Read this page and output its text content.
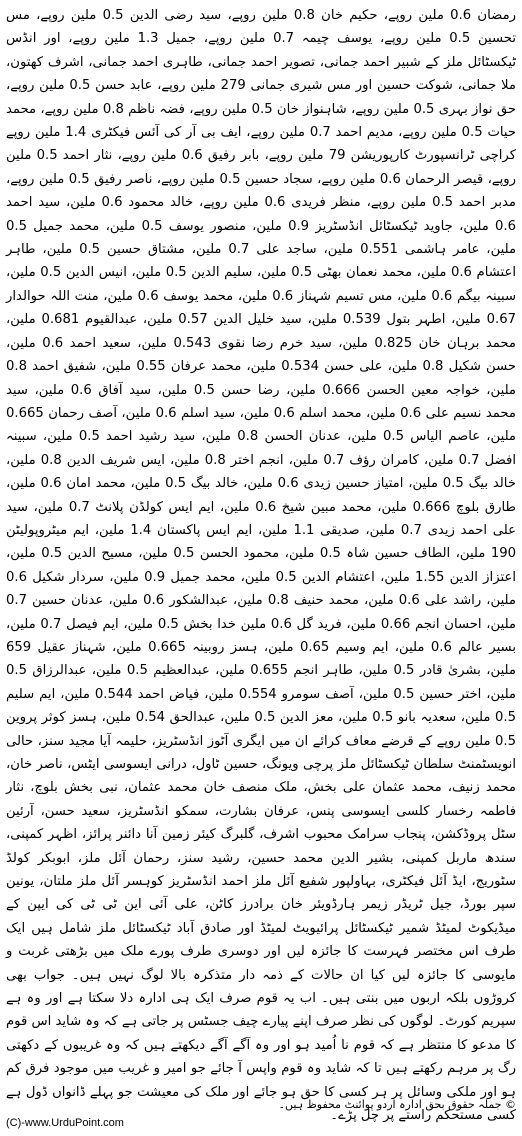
رمضان 0.6 ملین روپے، حکیم خان 0.8 ملین روپے، سید رضی الدین 0.5 ملین روپے، مس تحسین 0.5 ملین روپے، یوسف چیمہ 0.7 ملین روپے، جمیل 1.3 ملین روپے، اور انڈس ٹیکسٹائل ملز کے شبیر احمد جمانی، تصویر احمد جمانی، طاہری احمد جمانی، اشرف کھتون، ملا جمانی، شوکت حسین اور مس شیری جمانی 279 ملین روپے، عابد حسن 0.5 ملین روپے، حق نواز بہری 0.5 ملین روپے، شاہنواز خان 0.5 ملین روپے، فضہ ناظم 0.8 ملین روپے، محمد حیات 0.5 ملین روپے، مدیم احمد 0.7 ملین روپے، ایف بی آر کی آئس فیکٹری 1.4 ملین روپے کراچی ٹرانسپورٹ کارپوریشن 79 ملین روپے، بابر رفیق 0.6 ملین روپے، نثار احمد 0.5 ملین روپے، قیصر الرحمان 0.6 ملین روپے، سجاد حسین 0.5 ملین روپے، ناصر رفیق 0.5 ملین روپے، مدبر احمد 0.5 ملین روپے، منظر فریدی 0.6 ملین روپے، خالد محمود 0.6 ملین، سید احمد 0.6 ملین، جاوید ٹیکسٹائل انڈسٹریز 0.9 ملین، منصور یوسف 0.5 ملین، محمد جمیل 0.5 ملین، عامر ہاشمی 0.551 ملین، ساجد علی 0.7 ملین، مشتاق حسین 0.5 ملین، طاہر اعتشام 0.6 ملین، محمد نعمان بھٹی 0.5 ملین، سلیم الدین 0.5 ملین، انیس الدین 0.5 ملین، سبینہ بیگم 0.6 ملین، مس تسیم شہناز 0.6 ملین، محمد یوسف 0.6 ملین، منت اللہ حوالدار 0.67 ملین، اطہر بتول 0.539 ملین، سید خلیل الدین 0.57 ملین، عبدالقیوم 0.681 ملین، محمد برہان خان 0.825 ملین، سید خرم رضا نقوی 0.543 ملین، سعید احمد 0.6 ملین، حسن شکیل 0.8 ملین، علی حسن 0.534 ملین، محمد عرفان 0.55 ملین، شفیق احمد 0.8 ملین، خواجہ معین الحسن 0.666 ملین، رضا حسن 0.5 ملین، سید آفاق 0.6 ملین، سید محمد نسیم علی 0.6 ملین، محمد اسلم 0.6 ملین، سید اسلم 0.6 ملین، آصف رحمان 0.665 ملین، عاصم الیاس 0.5 ملین، عدنان الحسن 0.8 ملین، سید رشید احمد 0.5 ملین، سبینہ افضل 0.7 ملین، کامران رؤف 0.7 ملین، انجم اختر 0.8 ملین، ایس شریف الدین 0.8 ملین، خالد بیگ 0.5 ملین، امتیاز حسین زیدی 0.6 ملین، خالد بیگ 0.5 ملین، محمد امان 0.6 ملین، طارق بلوچ 0.666 ملین، محمد مبین شیخ 0.6 ملین، ایم ایس کولڈن پلانٹ 0.7 ملین، سید علی احمد زیدی 0.7 ملین، صدیقی 1.1 ملین، ایم ایس پاکستان 1.4 ملین، ایم میٹروپولیٹن 190 ملین، الطاف حسین شاہ 0.5 ملین، محمود الحسن 0.5 ملین، مسیح الدین 0.5 ملین، اعتزاز الدین 1.55 ملین، اعتشام الدین 0.5 ملین، محمد جمیل 0.9 ملین، سردار شکیل 0.6 ملین، راشد علی 0.6 ملین، محمد حنیف 0.8 ملین، عبدالشکور 0.6 ملین، عدنان حسین 0.7 ملین، احسان انجم 0.66 ملین، فرید گل 0.6 ملین خدا بخش 0.5 ملین، ایم فیصل 0.7 ملین، بسیر عالم 0.6 ملین، ایم وسیم 0.65 ملین، ہسز روبینہ 0.665 ملین، شہناز عقیل 659 ملین، بشریٰ قادر 0.5 ملین، طاہر انجم 0.655 ملین، عبدالعظیم 0.5 ملین، عبدالرزاق 0.5 ملین، اختر حسین 0.5 ملین، آصف سومرو 0.554 ملین، فیاض احمد 0.544 ملین، ایم سلیم 0.5 ملین، سعدیہ بانو 0.5 ملین، معز الدین 0.5 ملین، عبدالحق 0.54 ملین، ہسز کوثر پروین 0.5 ملین روپے کے قرضے معاف کرائے ان میں ایگری آٹوز انڈسٹریز، حلیمہ آیا مجید سنز، حالی انویسٹمنٹ سلطان ٹیکسٹائل ملز پرچی ویونگ، حسین ٹاول، درانی ایسوسی ایٹس، ناصر خان، محمد زنیف، محمد عثمان علی بخش، ملک منصف خان محمد عثمان، نبی بخش بلوچ، نثار فاطمہ رخسار کلسی ایسوسی پنس، عرفان بشارت، سمکو انڈسٹریز، سعید حسن، آرئین سٹل پروڈکشن، پنجاب سرامک محبوب اشرف، گلبرگ کیئر زمین آنا دائنر پرائز، اظہر کمپنی، سندھ ماربل کمپنی، بشیر الدین محمد حسین، رشید سنز، رحمان آئل ملز، ابوبکر کولڈ سٹوریج، ایڈ آئل فیکٹری، بہاولپور شفیع آئل ملز احمد انڈسٹریز کوہسر آئل ملز ملتان، یونین سپر بورڈ، جیل ٹریڈر زیمر ہارڈویئر خان برادرز کاٹن، علی آئی این ٹی ٹی کی ایپن کے میڈیکوٹ لمیٹڈ شمیر ٹیکسٹائل پرائیویٹ لمیٹڈ اور صادق آباد ٹیکسٹائل ملز شامل ہیں ایک طرف اس مختصر فہرست کا جائزہ لیں اور دوسری طرف پورے ملک میں بڑھتی غربت و مایوسی کا جائزہ لیں کیا ان حالات کے ذمہ دار متذکرہ بالا لوگ نہیں ہیں۔ جواب بھی کروڑوں بلکہ اربوں میں بنتی ہیں۔ اب یہ قوم صرف ایک ہی ادارہ دلا سکتا ہے اور وہ ہے سپریم کورٹ۔ لوگوں کی نظر صرف اپنے پیارے چیف جسٹس پر جاتی ہے کہ وہ شاید اس قوم کا مدعو کا منتظر ہے کہ قوم نا اُمید ہو اور وہ آگے آگے دیکھتے ہیں کہ وہ غریبوں کے دکھتی رگ پر مرہم رکھتے ہیں تا کہ شاید وہ قوم واپس آ جائے جو امیر و غریب میں موجود فرق کم ہو اور ملکی وسائل پر ہر کسی کا حق ہو جائے اور ملک کی معیشت جو پہلے ڈانواں ڈول ہے کسی مستحکم راستے پر چل پڑے۔

© جملہ حقوق بحق ادارہ اردو پوائنٹ محفوظ ہیں۔

(C)-www.UrduPoint.com
